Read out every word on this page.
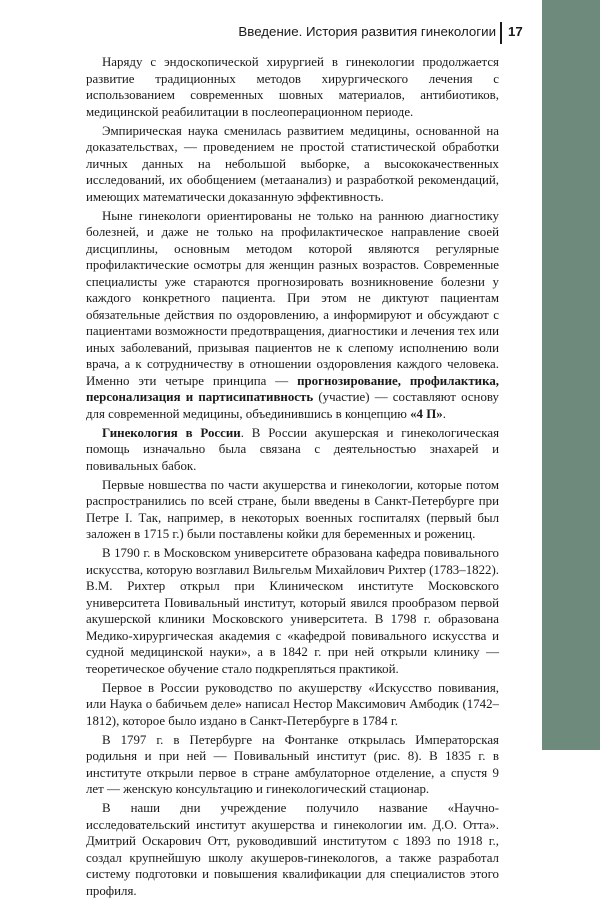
Введение. История развития гинекологии 17

Наряду с эндоскопической хирургией в гинекологии продолжается развитие традиционных методов хирургического лечения с использованием современных шовных материалов, антибиотиков, медицинской реабилитации в послеоперационном периоде.

Эмпирическая наука сменилась развитием медицины, основанной на доказательствах, — проведением не простой статистической обработки личных данных на небольшой выборке, а высококачественных исследований, их обобщением (метаанализ) и разработкой рекомендаций, имеющих математически доказанную эффективность.

Ныне гинекологи ориентированы не только на раннюю диагностику болезней, и даже не только на профилактическое направление своей дисциплины, основным методом которой являются регулярные профилактические осмотры для женщин разных возрастов. Современные специалисты уже стараются прогнозировать возникновение болезни у каждого конкретного пациента. При этом не диктуют пациентам обязательные действия по оздоровлению, а информируют и обсуждают с пациентами возможности предотвращения, диагностики и лечения тех или иных заболеваний, призывая пациентов не к слепому исполнению воли врача, а к сотрудничеству в отношении оздоровления каждого человека. Именно эти четыре принципа — прогнозирование, профилактика, персонализация и партисипативность (участие) — составляют основу для современной медицины, объединившись в концепцию «4 П».

Гинекология в России. В России акушерская и гинекологическая помощь изначально была связана с деятельностью знахарей и повивальных бабок.

Первые новшества по части акушерства и гинекологии, которые потом распространились по всей стране, были введены в Санкт-Петербурге при Петре I. Так, например, в некоторых военных госпиталях (первый был заложен в 1715 г.) были поставлены койки для беременных и рожениц.

В 1790 г. в Московском университете образована кафедра повивального искусства, которую возглавил Вильгельм Михайлович Рихтер (1783–1822). В.М. Рихтер открыл при Клиническом институте Московского университета Повивальный институт, который явился прообразом первой акушерской клиники Московского университета. В 1798 г. образована Медико-хирургическая академия с «кафедрой повивального искусства и судной медицинской науки», а в 1842 г. при ней открыли клинику — теоретическое обучение стало подкрепляться практикой.

Первое в России руководство по акушерству «Искусство повивания, или Наука о бабичьем деле» написал Нестор Максимович Амбодик (1742–1812), которое было издано в Санкт-Петербурге в 1784 г.

В 1797 г. в Петербурге на Фонтанке открылась Императорская родильня и при ней — Повивальный институт (рис. 8). В 1835 г. в институте открыли первое в стране амбулаторное отделение, а спустя 9 лет — женскую консультацию и гинекологический стационар.

В наши дни учреждение получило название «Научно-исследовательский институт акушерства и гинекологии им. Д.О. Отта». Дмитрий Оскарович Отт, руководивший институтом с 1893 по 1918 г., создал крупнейшую школу акушеров-гинекологов, а также разработал систему подготовки и повышения квалификации для специалистов этого профиля.
